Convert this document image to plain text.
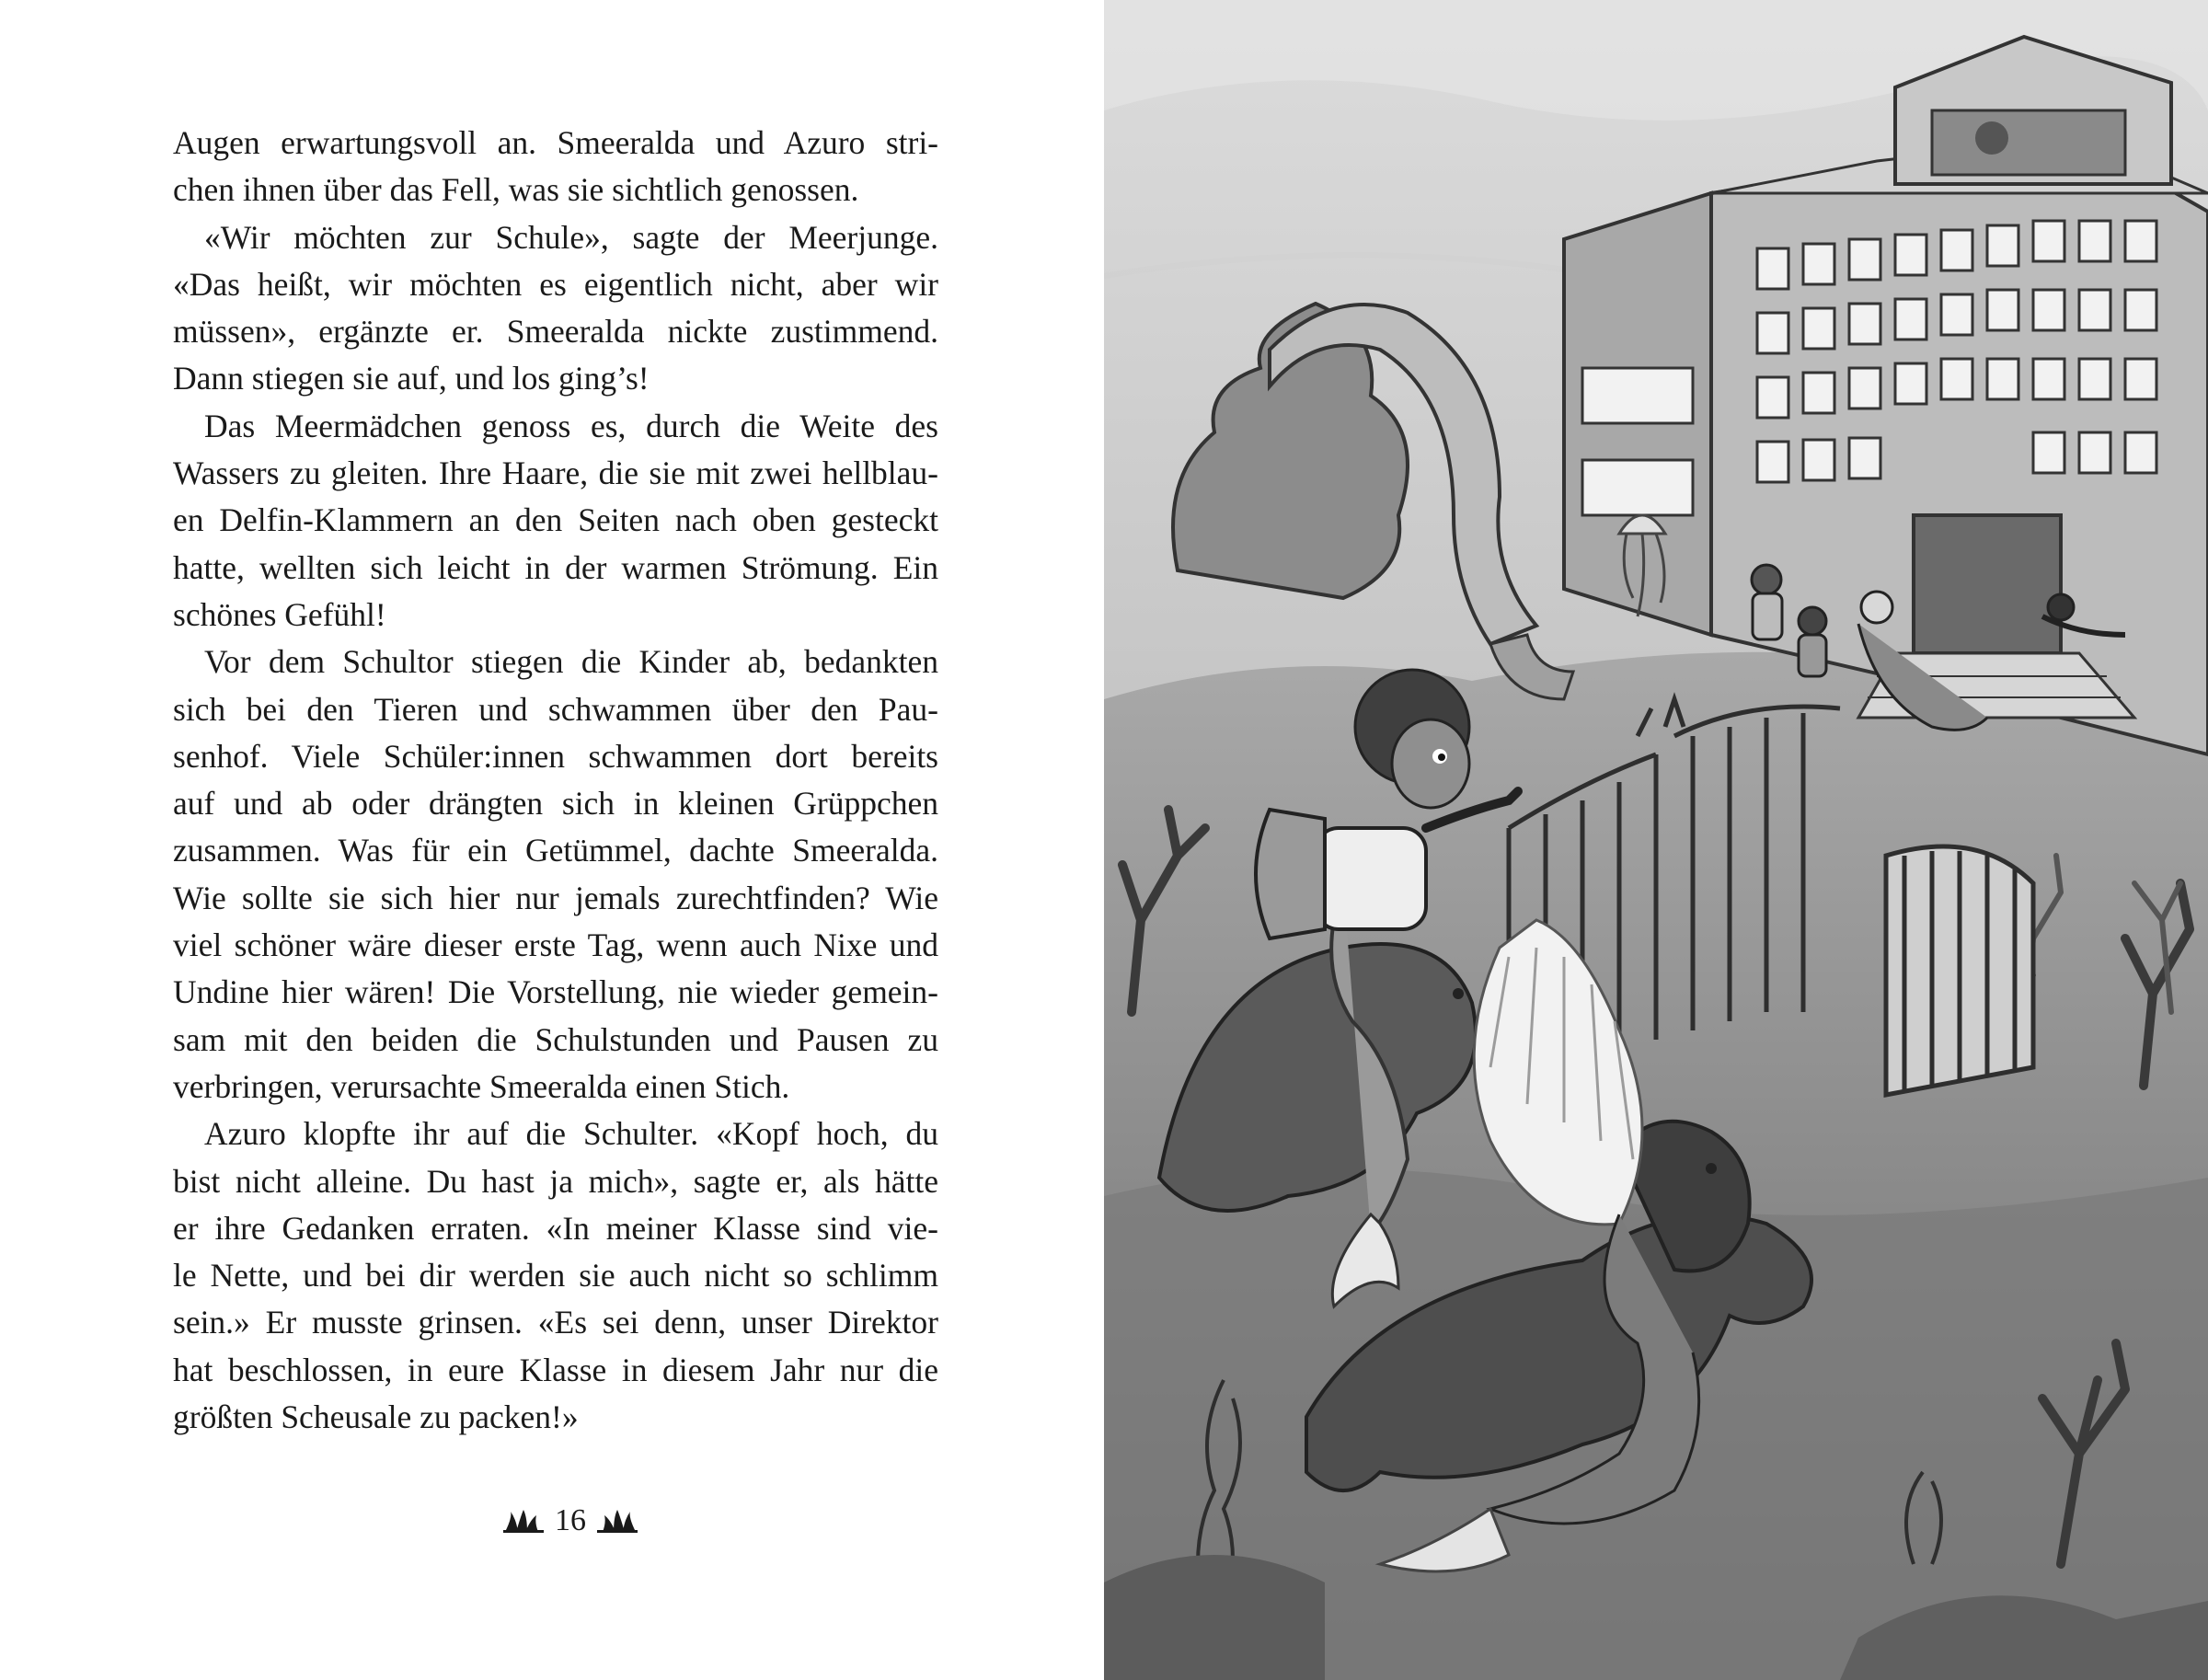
Augen erwartungsvoll an. Smeeralda und Azuro stri-
chen ihnen über das Fell, was sie sichtlich genossen.
«Wir möchten zur Schule», sagte der Meerjunge.
«Das heißt, wir möchten es eigentlich nicht, aber wir
müssen», ergänzte er. Smeeralda nickte zustimmend.
Dann stiegen sie auf, und los ging’s!
Das Meermädchen genoss es, durch die Weite des
Wassers zu gleiten. Ihre Haare, die sie mit zwei hellblau-
en Delfin-Klammern an den Seiten nach oben gesteckt
hatte, wellten sich leicht in der warmen Strömung. Ein
schönes Gefühl!
Vor dem Schultor stiegen die Kinder ab, bedankten
sich bei den Tieren und schwammen über den Pau-
senhof. Viele Schüler:innen schwammen dort bereits
auf und ab oder drängten sich in kleinen Grüppchen
zusammen. Was für ein Getümmel, dachte Smeeralda.
Wie sollte sie sich hier nur jemals zurechtfinden? Wie
viel schöner wäre dieser erste Tag, wenn auch Nixe und
Undine hier wären! Die Vorstellung, nie wieder gemein-
sam mit den beiden die Schulstunden und Pausen zu
verbringen, verursachte Smeeralda einen Stich.
Azuro klopfte ihr auf die Schulter. «Kopf hoch, du
bist nicht alleine. Du hast ja mich», sagte er, als hätte
er ihre Gedanken erraten. «In meiner Klasse sind vie-
le Nette, und bei dir werden sie auch nicht so schlimm
sein.» Er musste grinsen. «Es sei denn, unser Direktor
hat beschlossen, in eure Klasse in diesem Jahr nur die
größten Scheusale zu packen!»
16
